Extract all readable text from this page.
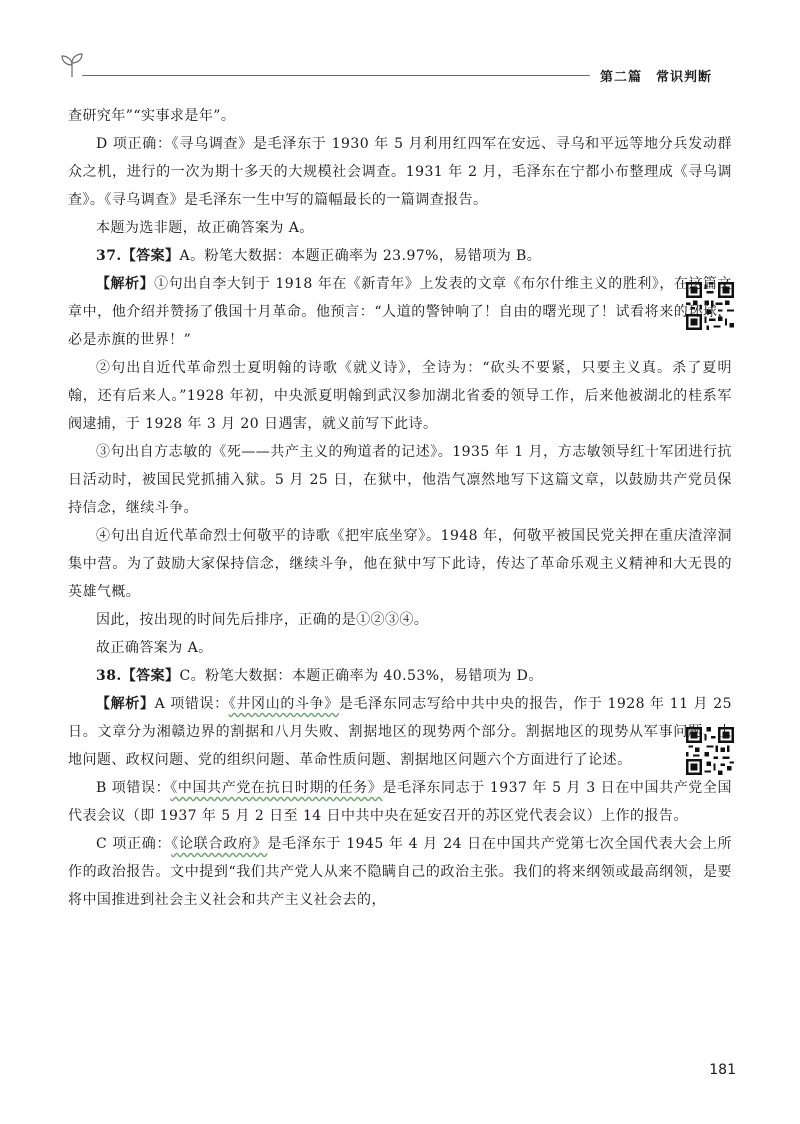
第二篇　常识判断

查研究年”“实事求是年”。

D 项正确：《寻乌调查》是毛泽东于 1930 年 5 月利用红四军在安远、寻乌和平远等地分兵发动群众之机，进行的一次为期十多天的大规模社会调查。1931 年 2 月，毛泽东在宁都小布整理成《寻乌调查》。《寻乌调查》是毛泽东一生中写的篇幅最长的一篇调查报告。

本题为选非题，故正确答案为 A。

37.【答案】A。粉笔大数据：本题正确率为 23.97%，易错项为 B。

【解析】①句出自李大钊于 1918 年在《新青年》上发表的文章《布尔什维主义的胜利》，在这篇文章中，他介绍并赞扬了俄国十月革命。他预言：“人道的警钟响了！自由的曙光现了！试看将来的环球，必是赤旗的世界！”

②句出自近代革命烈士夏明翰的诗歌《就义诗》，全诗为：“砍头不要紧，只要主义真。杀了夏明翰，还有后来人。”1928 年初，中央派夏明翰到武汉参加湖北省委的领导工作，后来他被湖北的桂系军阀逮捕，于 1928 年 3 月 20 日遇害，就义前写下此诗。

③句出自方志敏的《死——共产主义的殉道者的记述》。1935 年 1 月，方志敏领导红十军团进行抗日活动时，被国民党抓捕入狱。5 月 25 日，在狱中，他浩气凛然地写下这篇文章，以鼓励共产党员保持信念，继续斗争。

④句出自近代革命烈士何敬平的诗歌《把牢底坐穿》。1948 年，何敬平被国民党关押在重庆渣滓洞集中营。为了鼓励大家保持信念，继续斗争，他在狱中写下此诗，传达了革命乐观主义精神和大无畏的英雄气概。

因此，按出现的时间先后排序，正确的是①②③④。

故正确答案为 A。

38.【答案】C。粉笔大数据：本题正确率为 40.53%，易错项为 D。

【解析】A 项错误：《井冈山的斗争》是毛泽东同志写给中共中央的报告，作于 1928 年 11 月 25 日。文章分为湘赣边界的割据和八月失败、割据地区的现势两个部分。割据地区的现势从军事问题、土地问题、政权问题、党的组织问题、革命性质问题、割据地区问题六个方面进行了论述。

B 项错误：《中国共产党在抗日时期的任务》是毛泽东同志于 1937 年 5 月 3 日在中国共产党全国代表会议（即 1937 年 5 月 2 日至 14 日中共中央在延安召开的苏区党代表会议）上作的报告。

C 项正确：《论联合政府》是毛泽东于 1945 年 4 月 24 日在中国共产党第七次全国代表大会上所作的政治报告。文中提到“我们共产党人从来不隐瞒自己的政治主张。我们的将来纲领或最高纲领，是要将中国推进到社会主义社会和共产主义社会去的，

181
